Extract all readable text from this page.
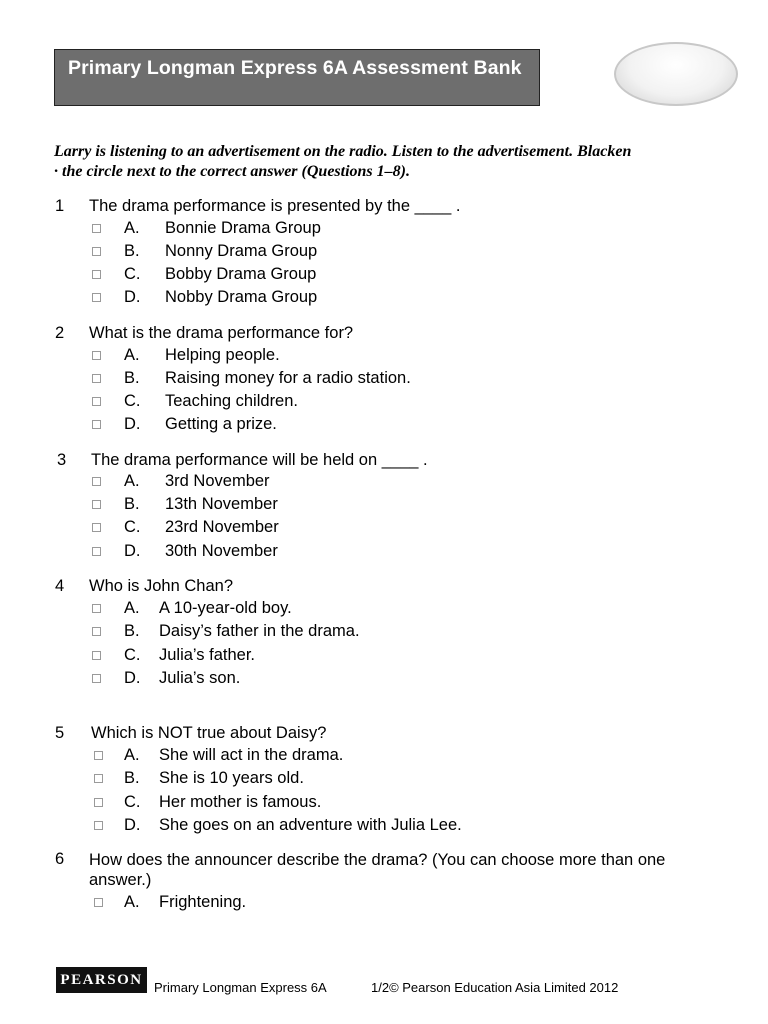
Primary Longman Express 6A Assessment Bank
Larry is listening to an advertisement on the radio. Listen to the advertisement. Blacken
· the circle next to the correct answer (Questions 1–8).
1 The drama performance is presented by the ____ .
A. Bonnie Drama Group
B. Nonny Drama Group
C. Bobby Drama Group
D. Nobby Drama Group
2 What is the drama performance for?
A. Helping people.
B. Raising money for a radio station.
C. Teaching children.
D. Getting a prize.
3 The drama performance will be held on ____ .
A. 3rd November
B. 13th November
C. 23rd November
D. 30th November
4 Who is John Chan?
A. A 10-year-old boy.
B. Daisy’s father in the drama.
C. Julia’s father.
D. Julia’s son.
5 Which is NOT true about Daisy?
A. She will act in the drama.
B. She is 10 years old.
C. Her mother is famous.
D. She goes on an adventure with Julia Lee.
6 How does the announcer describe the drama? (You can choose more than one answer.)
A. Frightening.
PEARSON Primary Longman Express 6A	1/2© Pearson Education Asia Limited 2012
